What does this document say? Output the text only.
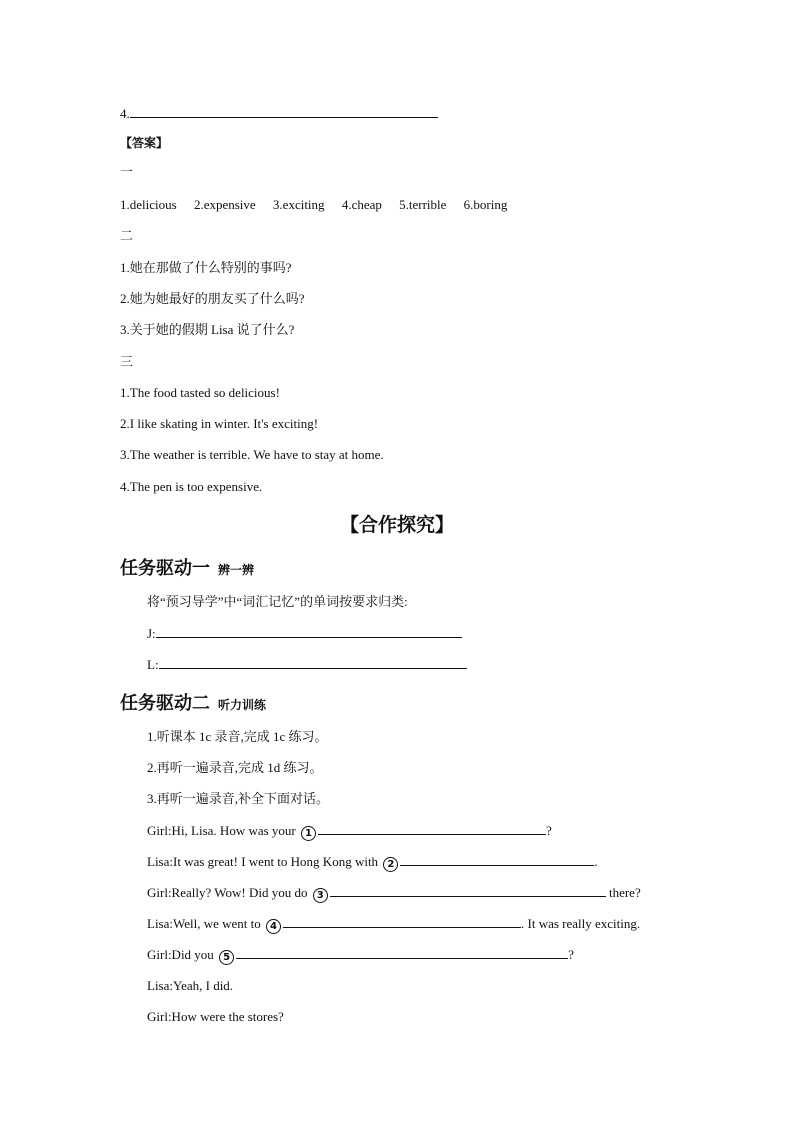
4.
【答案】
一
1.delicious 2.expensive 3.exciting 4.cheap 5.terrible 6.boring
二
1.她在那做了什么特别的事吗?
2.她为她最好的朋友买了什么吗?
3.关于她的假期 Lisa 说了什么?
三
1.The food tasted so delicious!
2.I like skating in winter. It's exciting!
3.The weather is terrible. We have to stay at home.
4.The pen is too expensive.
【合作探究】
任务驱动一 辨一辨
将“预习导学”中“词汇记忆”的单词按要求归类:
J:
L:
任务驱动二 听力训练
1.听课本 1c 录音,完成 1c 练习。
2.再听一遍录音,完成 1d 练习。
3.再听一遍录音,补全下面对话。
Girl:Hi, Lisa. How was your 1	?
Lisa:It was great! I went to Hong Kong with 2	.
Girl:Really? Wow! Did you do 3	there?
Lisa:Well, we went to 4	. It was really exciting.
Girl:Did you 5	?
Lisa:Yeah, I did.
Girl:How were the stores?
